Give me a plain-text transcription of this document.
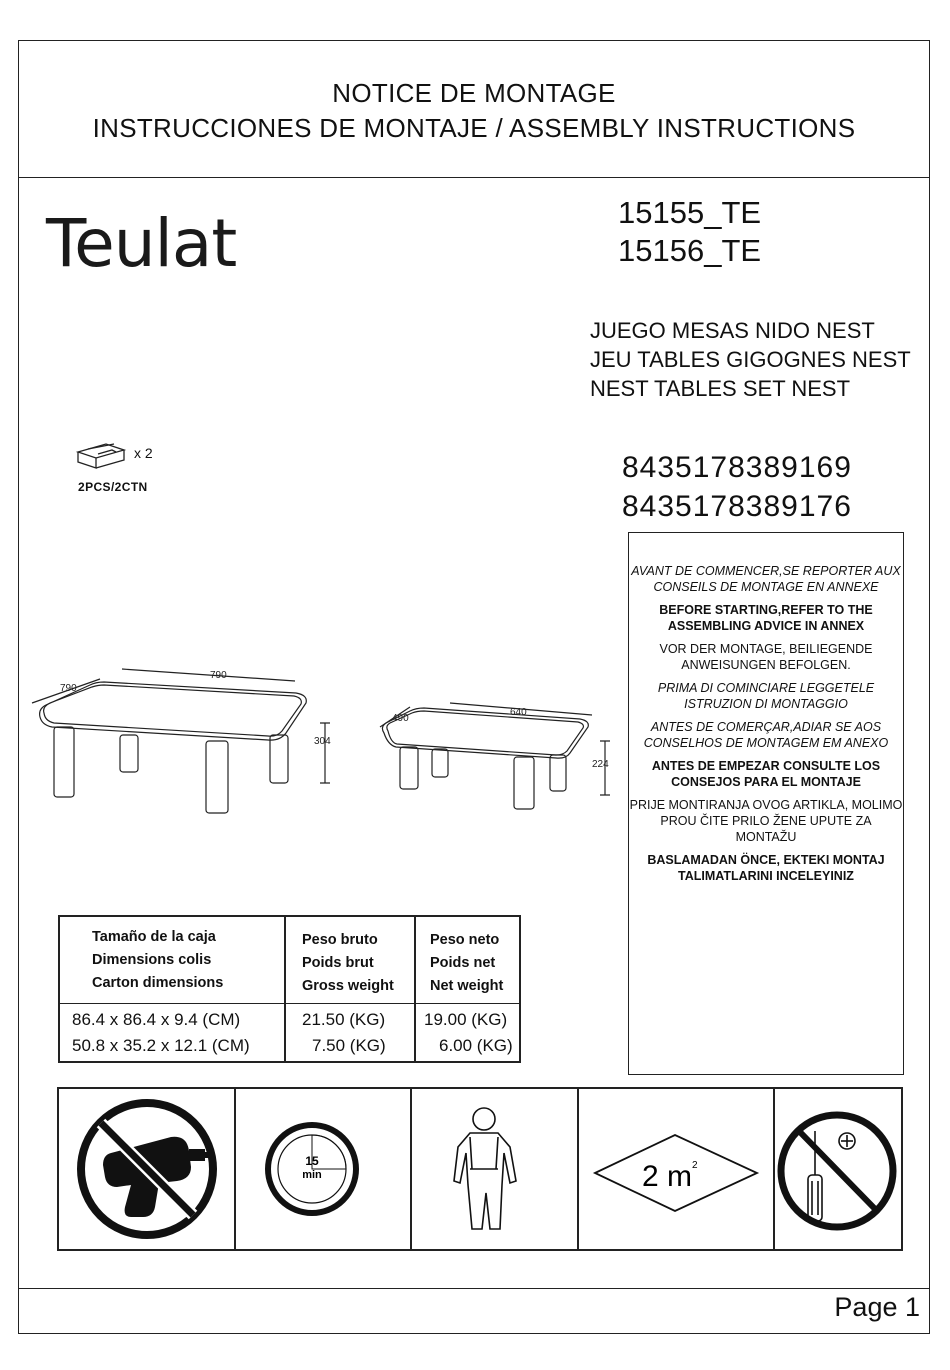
NOTICE DE MONTAGE
INSTRUCCIONES DE MONTAJE / ASSEMBLY INSTRUCTIONS
Teulat	15155_TE
15156_TE
JUEGO MESAS NIDO NEST
JEU TABLES GIGOGNES NEST
NEST TABLES SET NEST
8435178389169
8435178389176
x 2
2PCS/2CTN
790
790
304
490
640
224

AVANT DE COMMENCER,SE REPORTER AUX CONSEILS DE MONTAGE EN ANNEXE

BEFORE STARTING,REFER TO THE ASSEMBLING ADVICE IN ANNEX

VOR DER MONTAGE, BEILIEGENDE ANWEISUNGEN BEFOLGEN.

PRIMA DI COMINCIARE LEGGETELE ISTRUZION DI MONTAGGIO

ANTES DE COMERÇAR,ADIAR SE AOS CONSELHOS DE MONTAGEM EM ANEXO

ANTES DE EMPEZAR CONSULTE LOS CONSEJOS PARA EL MONTAJE

PRIJE MONTIRANJA OVOG ARTIKLA, MOLIMO PROU ČITE PRILO ŽENE UPUTE ZA MONTAŽU

BASLAMADAN ÖNCE, EKTEKI MONTAJ TALIMATLARINI INCELEYINIZ

Tamaño de la caja
Dimensions colis
Carton dimensions
86.4 x 86.4 x 9.4 (CM)
50.8 x 35.2 x 12.1 (CM)
Peso bruto
Poids brut
Gross weight
21.50 (KG)
7.50 (KG)
Peso neto
Poids net
Net weight
19.00 (KG)
6.00 (KG)
15
min	2 m 2
Page 1
